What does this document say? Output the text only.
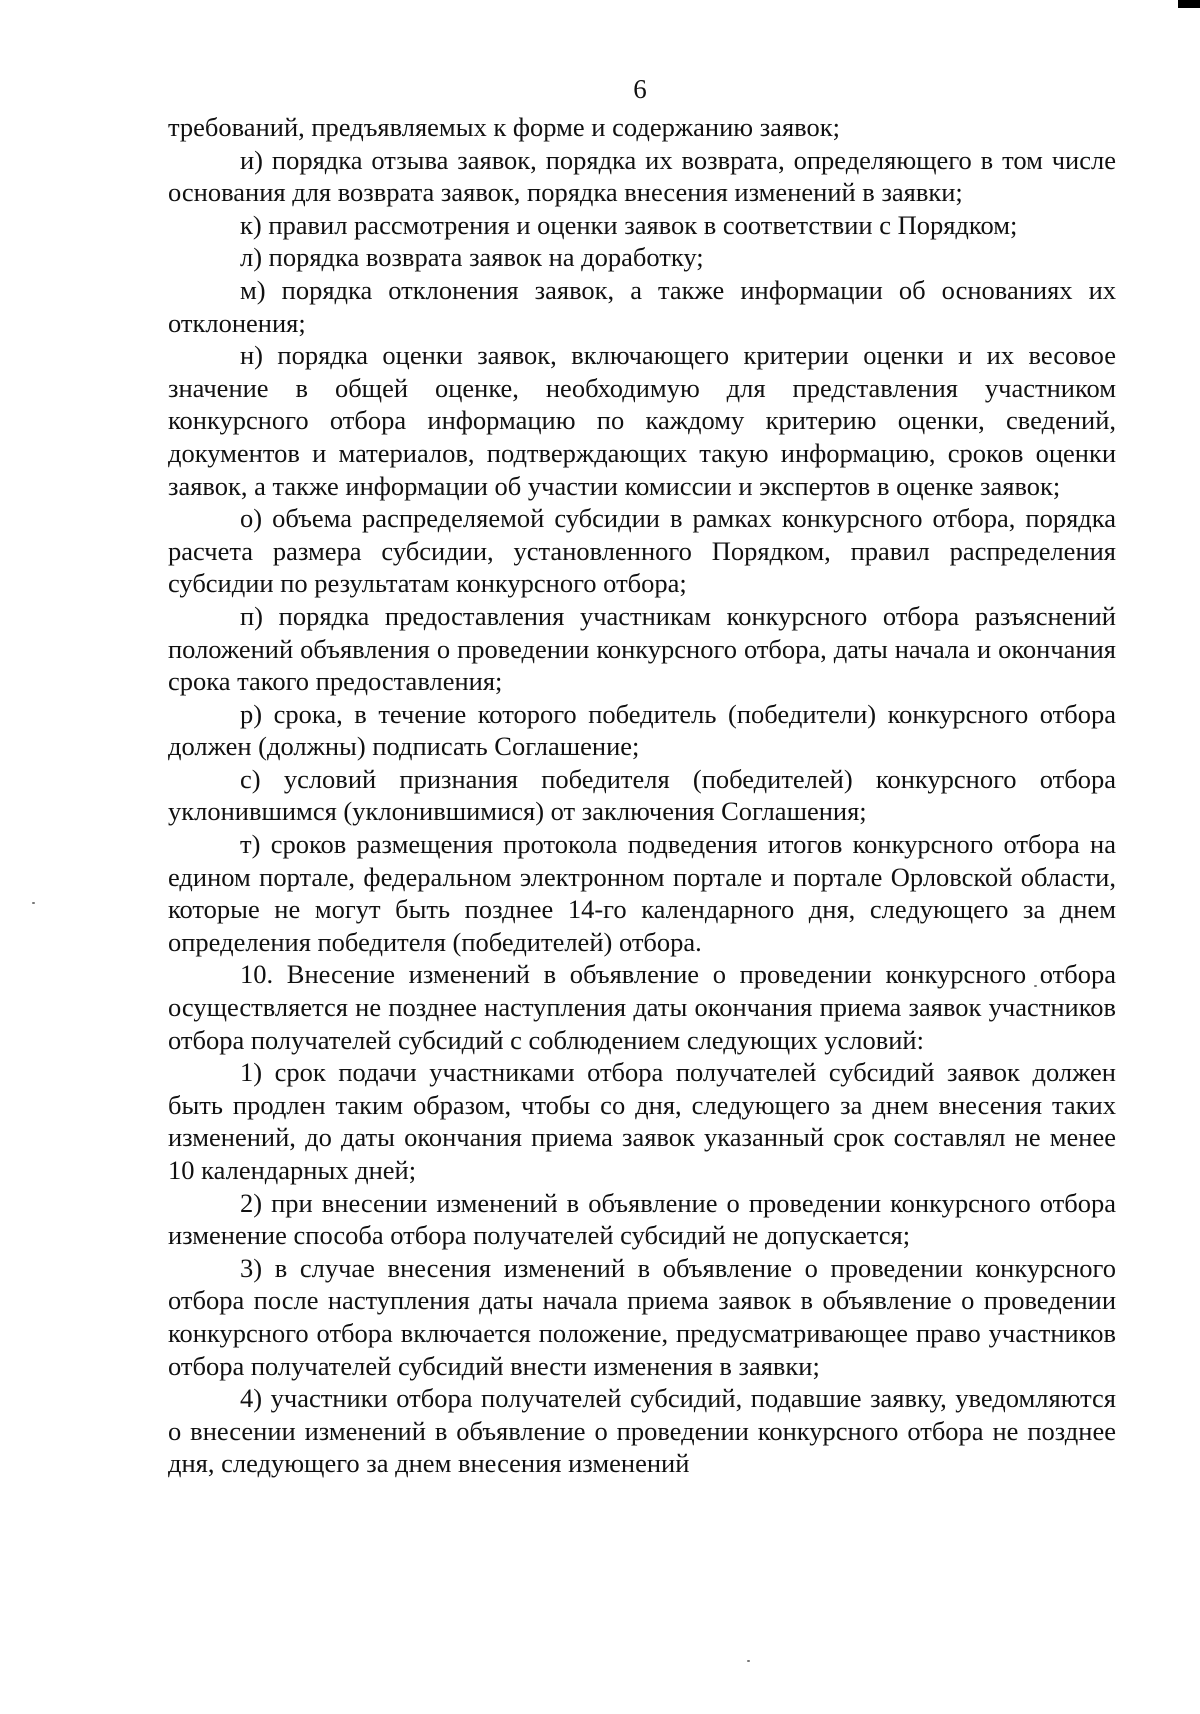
6

требований, предъявляемых к форме и содержанию заявок;

и) порядка отзыва заявок, порядка их возврата, определяющего в том числе основания для возврата заявок, порядка внесения изменений в заявки;

к) правил рассмотрения и оценки заявок в соответствии с Порядком;

л) порядка возврата заявок на доработку;

м) порядка отклонения заявок, а также информации об основаниях их отклонения;

н) порядка оценки заявок, включающего критерии оценки и их весовое значение в общей оценке, необходимую для представления участником конкурсного отбора информацию по каждому критерию оценки, сведений, документов и материалов, подтверждающих такую информацию, сроков оценки заявок, а также информации об участии комиссии и экспертов в оценке заявок;

о) объема распределяемой субсидии в рамках конкурсного отбора, порядка расчета размера субсидии, установленного Порядком, правил распределения субсидии по результатам конкурсного отбора;

п) порядка предоставления участникам конкурсного отбора разъяснений положений объявления о проведении конкурсного отбора, даты начала и окончания срока такого предоставления;

р) срока, в течение которого победитель (победители) конкурсного отбора должен (должны) подписать Соглашение;

с) условий признания победителя (победителей) конкурсного отбора уклонившимся (уклонившимися) от заключения Соглашения;

т) сроков размещения протокола подведения итогов конкурсного отбора на едином портале, федеральном электронном портале и портале Орловской области, которые не могут быть позднее 14-го календарного дня, следующего за днем определения победителя (победителей) отбора.

10. Внесение изменений в объявление о проведении конкурсного отбора осуществляется не позднее наступления даты окончания приема заявок участников отбора получателей субсидий с соблюдением следующих условий:

1) срок подачи участниками отбора получателей субсидий заявок должен быть продлен таким образом, чтобы со дня, следующего за днем внесения таких изменений, до даты окончания приема заявок указанный срок составлял не менее 10 календарных дней;

2) при внесении изменений в объявление о проведении конкурсного отбора изменение способа отбора получателей субсидий не допускается;

3) в случае внесения изменений в объявление о проведении конкурсного отбора после наступления даты начала приема заявок в объявление о проведении конкурсного отбора включается положение, предусматривающее право участников отбора получателей субсидий внести изменения в заявки;

4) участники отбора получателей субсидий, подавшие заявку, уведомляются о внесении изменений в объявление о проведении конкурсного отбора не позднее дня, следующего за днем внесения изменений
